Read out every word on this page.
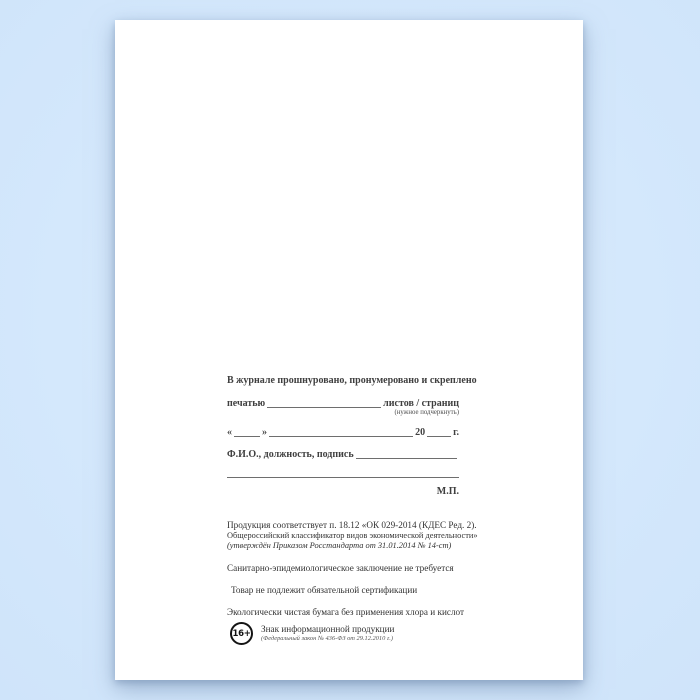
В журнале прошнуровано, пронумеровано и скреплено
печатью	листов / страниц
(нужное подчеркнуть)
«	»	20	г.
Ф.И.О., должность, подпись
М.П.
Продукция соответствует п. 18.12 «ОК 029-2014 (КДЕС Ред. 2).
Общероссийский классификатор видов экономической деятельности»
(утверждён Приказом Росстандарта от 31.01.2014 № 14-ст)
Санитарно-эпидемиологическое заключение не требуется
Товар не подлежит обязательной сертификации
Экологически чистая бумага без применения хлора и кислот
16+ Знак информационной продукции
(Федеральный закон № 436-ФЗ от 29.12.2010 г.)
